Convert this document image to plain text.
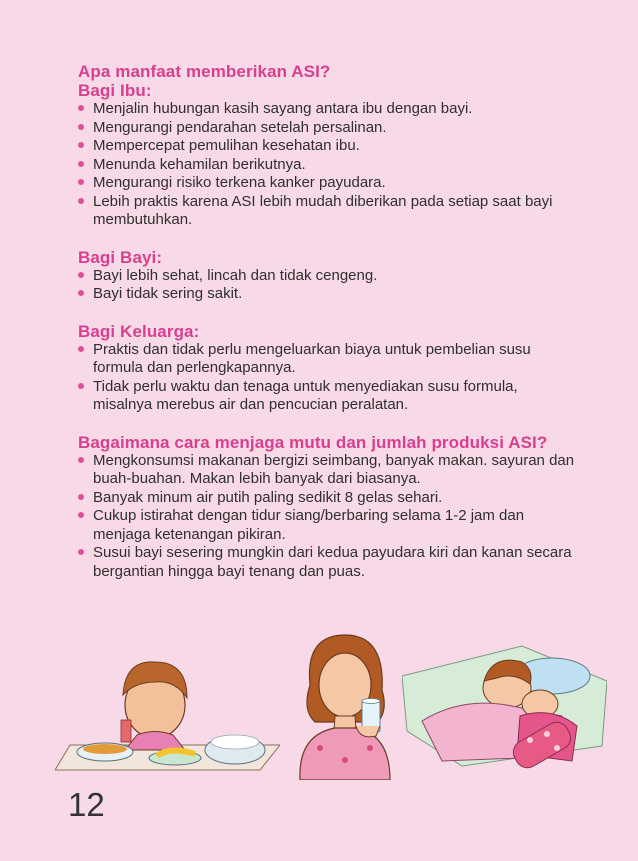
Apa manfaat memberikan ASI?
Bagi Ibu:
Menjalin hubungan kasih sayang antara ibu dengan bayi.
Mengurangi pendarahan setelah persalinan.
Mempercepat pemulihan kesehatan ibu.
Menunda kehamilan berikutnya.
Mengurangi risiko terkena kanker payudara.
Lebih praktis karena ASI lebih mudah diberikan pada setiap saat bayi membutuhkan.
Bagi Bayi:
Bayi lebih sehat, lincah dan tidak cengeng.
Bayi tidak sering sakit.
Bagi Keluarga:
Praktis dan tidak perlu mengeluarkan biaya untuk pembelian susu formula dan perlengkapannya.
Tidak perlu waktu dan tenaga untuk menyediakan susu formula, misalnya merebus air dan pencucian peralatan.
Bagaimana cara menjaga mutu dan jumlah produksi ASI?
Mengkonsumsi makanan bergizi seimbang, banyak makan. sayuran dan buah-buahan. Makan lebih banyak dari biasanya.
Banyak minum air putih paling sedikit 8 gelas sehari.
Cukup istirahat dengan tidur siang/berbaring selama 1-2 jam dan menjaga ketenangan pikiran.
Susui bayi sesering mungkin dari kedua payudara kiri dan kanan secara bergantian hingga bayi tenang dan puas.
12
